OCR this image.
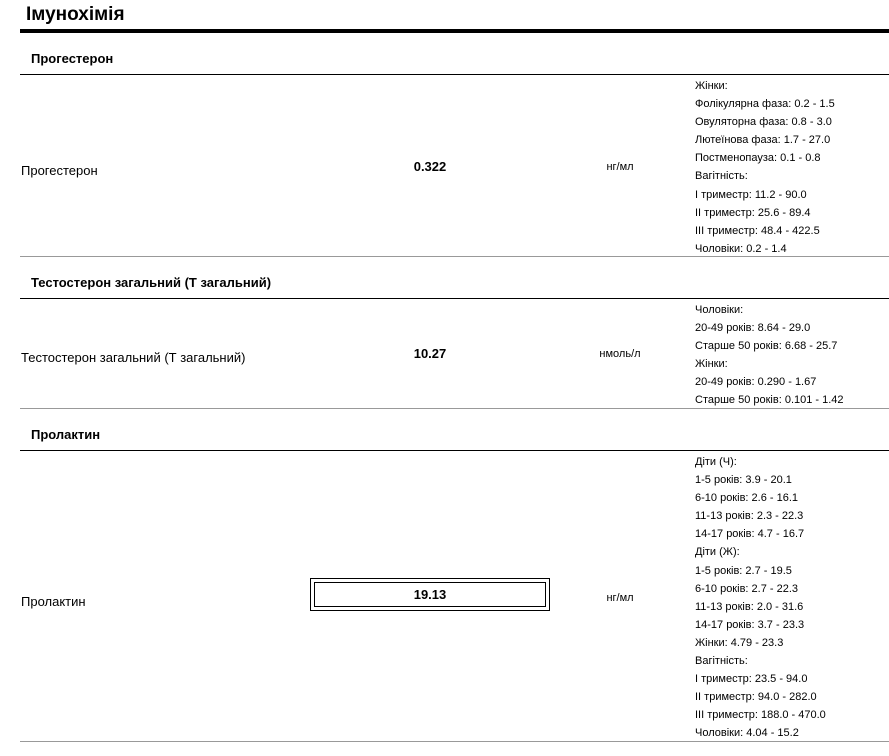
Імунохімія
Прогестерон
Прогестерон	0.322	нг/мл
Жінки:
Фолікулярна фаза: 0.2 - 1.5
Овуляторна фаза: 0.8 - 3.0
Лютеїнова фаза: 1.7 - 27.0
Постменопауза: 0.1 - 0.8
Вагітність:
I триместр: 11.2 - 90.0
II триместр: 25.6 - 89.4
III триместр: 48.4 - 422.5
Чоловіки: 0.2 - 1.4
Тестостерон загальний (Т загальний)
Тестостерон загальний (Т загальний)	10.27	нмоль/л
Чоловіки:
20-49 років: 8.64 - 29.0
Старше 50 років: 6.68 - 25.7
Жінки:
20-49 років: 0.290 - 1.67
Старше 50 років: 0.101 - 1.42
Пролактин
Пролактин	19.13	нг/мл
Діти (Ч):
1-5 років: 3.9 - 20.1
6-10 років: 2.6 - 16.1
11-13 років: 2.3 - 22.3
14-17 років: 4.7 - 16.7
Діти (Ж):
1-5 років: 2.7 - 19.5
6-10 років: 2.7 - 22.3
11-13 років: 2.0 - 31.6
14-17 років: 3.7 - 23.3
Жінки: 4.79 - 23.3
Вагітність:
I триместр: 23.5 - 94.0
II триместр: 94.0 - 282.0
III триместр: 188.0 - 470.0
Чоловіки: 4.04 - 15.2
